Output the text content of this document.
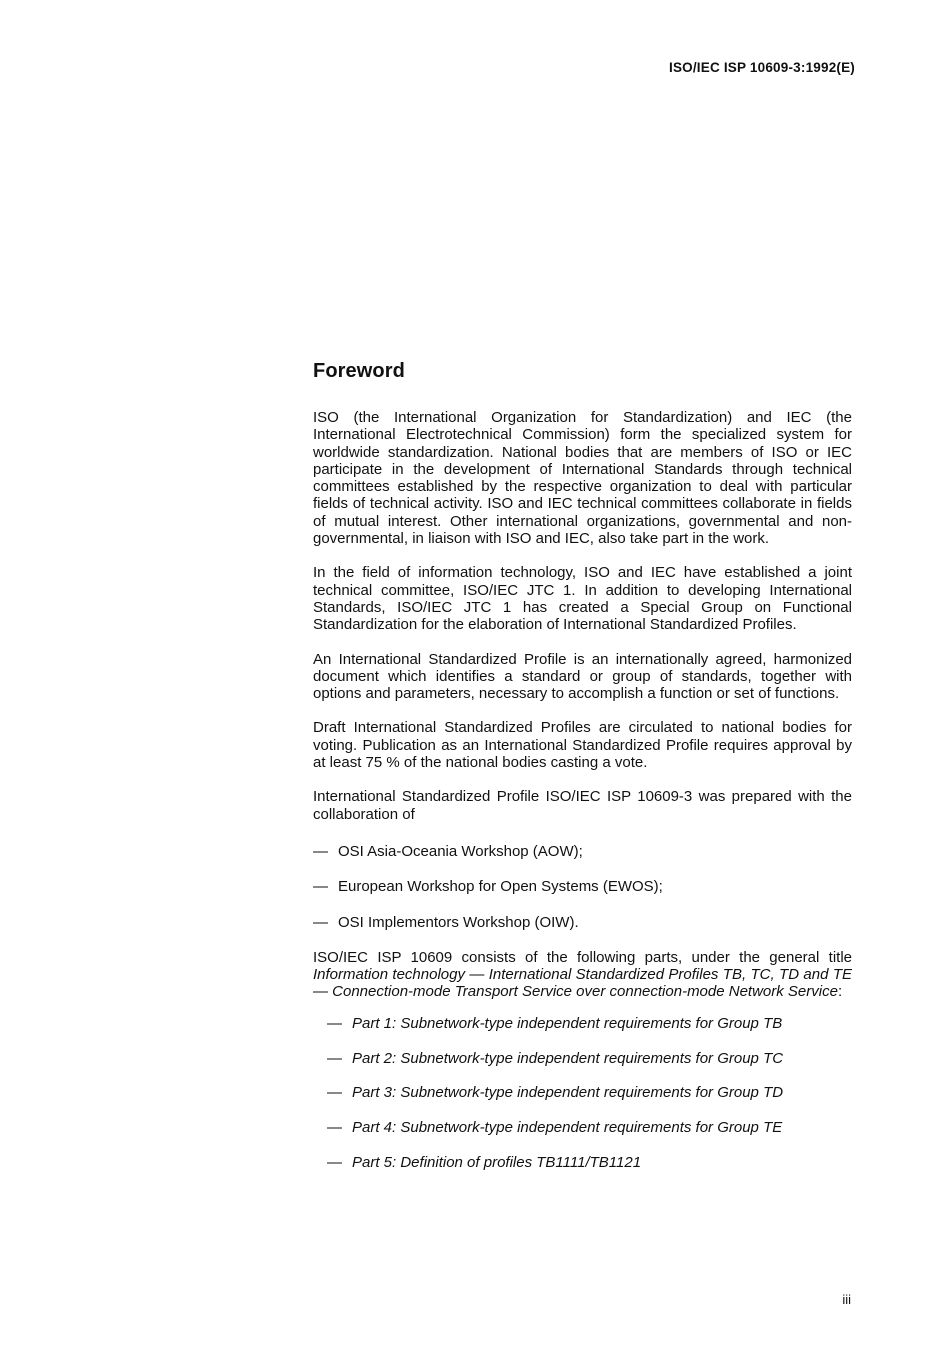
ISO/IEC ISP 10609-3:1992(E)
Foreword

ISO (the International Organization for Standardization) and IEC (the International Electrotechnical Commission) form the specialized system for worldwide standardization. National bodies that are members of ISO or IEC participate in the development of International Standards through technical committees established by the respective organization to deal with particular fields of technical activity. ISO and IEC technical committees collaborate in fields of mutual interest. Other international organizations, governmental and non-governmental, in liaison with ISO and IEC, also take part in the work.

In the field of information technology, ISO and IEC have established a joint technical committee, ISO/IEC JTC 1. In addition to developing International Standards, ISO/IEC JTC 1 has created a Special Group on Functional Standardization for the elaboration of International Standardized Profiles.

An International Standardized Profile is an internationally agreed, harmonized document which identifies a standard or group of standards, together with options and parameters, necessary to accomplish a function or set of functions.

Draft International Standardized Profiles are circulated to national bodies for voting. Publication as an International Standardized Profile requires approval by at least 75 % of the national bodies casting a vote.

International Standardized Profile ISO/IEC ISP 10609-3 was prepared with the collaboration of

— OSI Asia-Oceania Workshop (AOW);
— European Workshop for Open Systems (EWOS);
— OSI Implementors Workshop (OIW).

ISO/IEC ISP 10609 consists of the following parts, under the general title Information technology — International Standardized Profiles TB, TC, TD and TE — Connection-mode Transport Service over connection-mode Network Service:

— Part 1: Subnetwork-type independent requirements for Group TB
— Part 2: Subnetwork-type independent requirements for Group TC
— Part 3: Subnetwork-type independent requirements for Group TD
— Part 4: Subnetwork-type independent requirements for Group TE
— Part 5: Definition of profiles TB1111/TB1121
iii
